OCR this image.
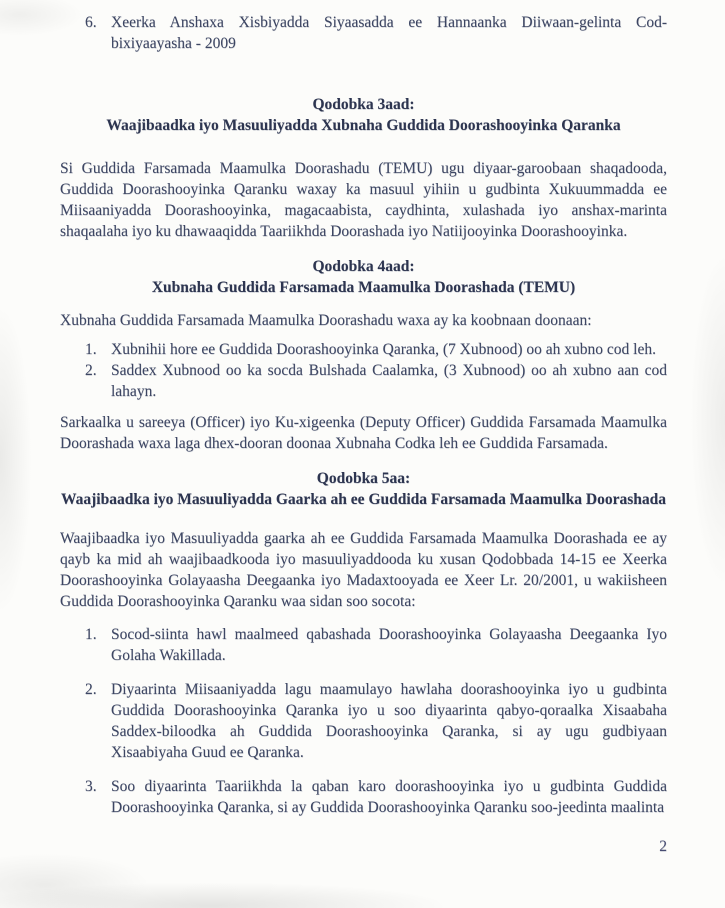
6. Xeerka Anshaxa Xisbiyadda Siyaasadda ee Hannaanka Diiwaan-gelinta Cod-bixiyaayasha - 2009
Qodobka 3aad:
Waajibaadka iyo Masuuliyadda Xubnaha Guddida Doorashooyinka Qaranka

Si Guddida Farsamada Maamulka Doorashadu (TEMU) ugu diyaar-garoobaan shaqadooda, Guddida Doorashooyinka Qaranku waxay ka masuul yihiin u gudbinta Xukuummadda ee Miisaaniyadda Doorashooyinka, magacaabista, caydhinta, xulashada iyo anshax-marinta shaqaalaha iyo ku dhawaaqidda Taariikhda Doorashada iyo Natiijooyinka Doorashooyinka.

Qodobka 4aad:
Xubnaha Guddida Farsamada Maamulka Doorashada (TEMU)

Xubnaha Guddida Farsamada Maamulka Doorashadu waxa ay ka koobnaan doonaan:

1. Xubnihii hore ee Guddida Doorashooyinka Qaranka, (7 Xubnood) oo ah xubno cod leh.
2. Saddex Xubnood oo ka socda Bulshada Caalamka, (3 Xubnood) oo ah xubno aan cod lahayn.

Sarkaalka u sareeya (Officer) iyo Ku-xigeenka (Deputy Officer) Guddida Farsamada Maamulka Doorashada waxa laga dhex-dooran doonaa Xubnaha Codka leh ee Guddida Farsamada.

Qodobka 5aa:
Waajibaadka iyo Masuuliyadda Gaarka ah ee Guddida Farsamada Maamulka Doorashada

Waajibaadka iyo Masuuliyadda gaarka ah ee Guddida Farsamada Maamulka Doorashada ee ay qayb ka mid ah waajibaadkooda iyo masuuliyaddooda ku xusan Qodobbada 14-15 ee Xeerka Doorashooyinka Golayaasha Deegaanka iyo Madaxtooyada ee Xeer Lr. 20/2001, u wakiisheen Guddida Doorashooyinka Qaranku waa sidan soo socota:

1. Socod-siinta hawl maalmeed qabashada Doorashooyinka Golayaasha Deegaanka Iyo Golaha Wakillada.
2. Diyaarinta Miisaaniyadda lagu maamulayo hawlaha doorashooyinka iyo u gudbinta Guddida Doorashooyinka Qaranka iyo u soo diyaarinta qabyo-qoraalka Xisaabaha Saddex-biloodka ah Guddida Doorashooyinka Qaranka, si ay ugu gudbiyaan Xisaabiyaha Guud ee Qaranka.
3. Soo diyaarinta Taariikhda la qaban karo doorashooyinka iyo u gudbinta Guddida Doorashooyinka Qaranka, si ay Guddida Doorashooyinka Qaranku soo-jeedinta maalinta
2
